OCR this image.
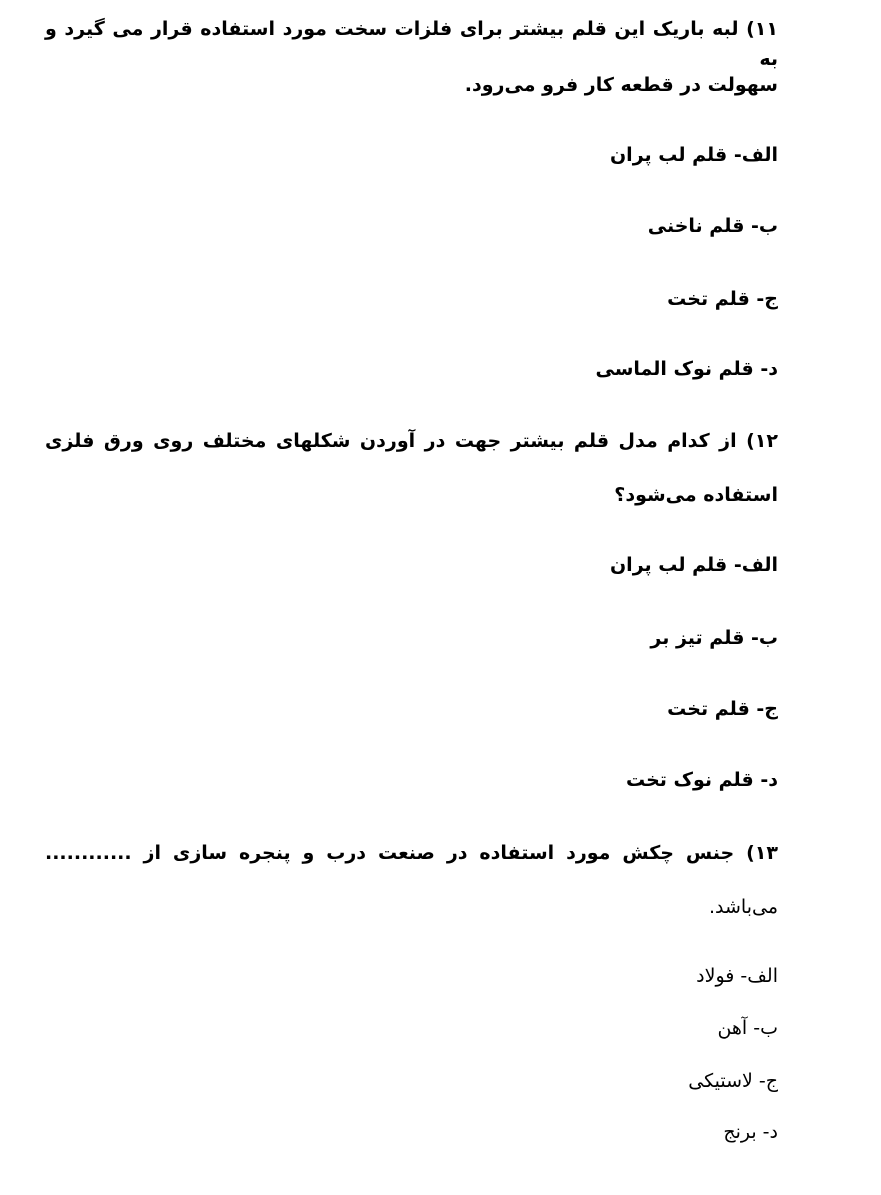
۱۱) لبه باریک این قلم بیشتر برای فلزات سخت مورد استفاده قرار می گیرد و به
سهولت در قطعه کار فرو می‌رود.
الف- قلم لب پران
ب- قلم ناخنی
ج- قلم تخت
د- قلم نوک الماسی
۱۲) از کدام مدل قلم بیشتر جهت در آوردن شکلهای مختلف روی ورق فلزی
استفاده می‌شود؟
الف- قلم لب پران
ب- قلم تیز بر
ج- قلم تخت
د- قلم نوک تخت
۱۳) جنس چکش مورد استفاده در صنعت درب و پنجره سازی از ............
می‌باشد.
الف- فولاد
ب- آهن
ج- لاستیکی
د- برنج
